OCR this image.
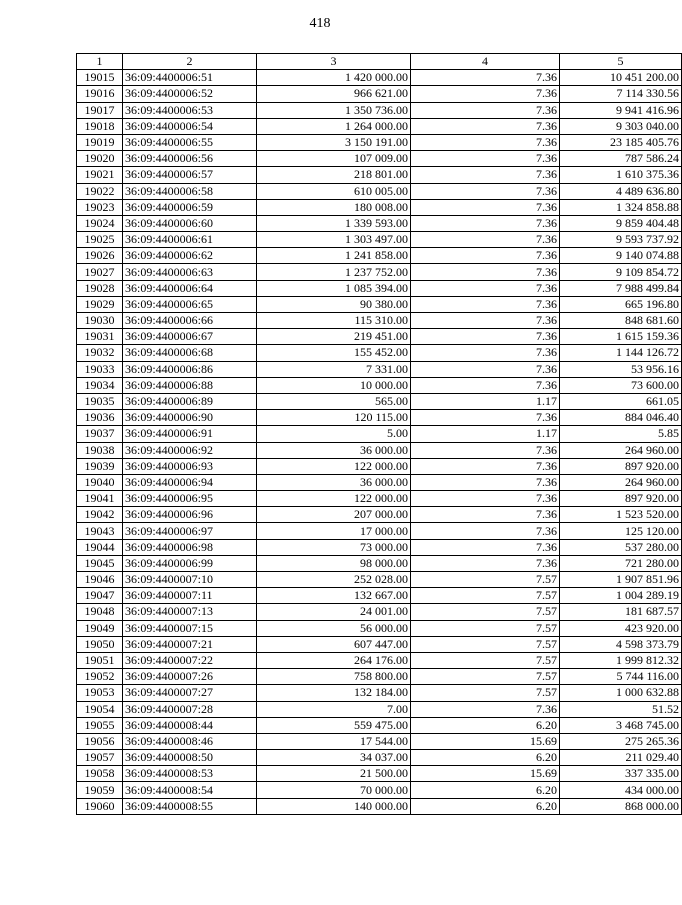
418
1	2	3	4	5
19015	36:09:4400006:51	1 420 000.00	7.36	10 451 200.00
19016	36:09:4400006:52	966 621.00	7.36	7 114 330.56
19017	36:09:4400006:53	1 350 736.00	7.36	9 941 416.96
19018	36:09:4400006:54	1 264 000.00	7.36	9 303 040.00
19019	36:09:4400006:55	3 150 191.00	7.36	23 185 405.76
19020	36:09:4400006:56	107 009.00	7.36	787 586.24
19021	36:09:4400006:57	218 801.00	7.36	1 610 375.36
19022	36:09:4400006:58	610 005.00	7.36	4 489 636.80
19023	36:09:4400006:59	180 008.00	7.36	1 324 858.88
19024	36:09:4400006:60	1 339 593.00	7.36	9 859 404.48
19025	36:09:4400006:61	1 303 497.00	7.36	9 593 737.92
19026	36:09:4400006:62	1 241 858.00	7.36	9 140 074.88
19027	36:09:4400006:63	1 237 752.00	7.36	9 109 854.72
19028	36:09:4400006:64	1 085 394.00	7.36	7 988 499.84
19029	36:09:4400006:65	90 380.00	7.36	665 196.80
19030	36:09:4400006:66	115 310.00	7.36	848 681.60
19031	36:09:4400006:67	219 451.00	7.36	1 615 159.36
19032	36:09:4400006:68	155 452.00	7.36	1 144 126.72
19033	36:09:4400006:86	7 331.00	7.36	53 956.16
19034	36:09:4400006:88	10 000.00	7.36	73 600.00
19035	36:09:4400006:89	565.00	1.17	661.05
19036	36:09:4400006:90	120 115.00	7.36	884 046.40
19037	36:09:4400006:91	5.00	1.17	5.85
19038	36:09:4400006:92	36 000.00	7.36	264 960.00
19039	36:09:4400006:93	122 000.00	7.36	897 920.00
19040	36:09:4400006:94	36 000.00	7.36	264 960.00
19041	36:09:4400006:95	122 000.00	7.36	897 920.00
19042	36:09:4400006:96	207 000.00	7.36	1 523 520.00
19043	36:09:4400006:97	17 000.00	7.36	125 120.00
19044	36:09:4400006:98	73 000.00	7.36	537 280.00
19045	36:09:4400006:99	98 000.00	7.36	721 280.00
19046	36:09:4400007:10	252 028.00	7.57	1 907 851.96
19047	36:09:4400007:11	132 667.00	7.57	1 004 289.19
19048	36:09:4400007:13	24 001.00	7.57	181 687.57
19049	36:09:4400007:15	56 000.00	7.57	423 920.00
19050	36:09:4400007:21	607 447.00	7.57	4 598 373.79
19051	36:09:4400007:22	264 176.00	7.57	1 999 812.32
19052	36:09:4400007:26	758 800.00	7.57	5 744 116.00
19053	36:09:4400007:27	132 184.00	7.57	1 000 632.88
19054	36:09:4400007:28	7.00	7.36	51.52
19055	36:09:4400008:44	559 475.00	6.20	3 468 745.00
19056	36:09:4400008:46	17 544.00	15.69	275 265.36
19057	36:09:4400008:50	34 037.00	6.20	211 029.40
19058	36:09:4400008:53	21 500.00	15.69	337 335.00
19059	36:09:4400008:54	70 000.00	6.20	434 000.00
19060	36:09:4400008:55	140 000.00	6.20	868 000.00
